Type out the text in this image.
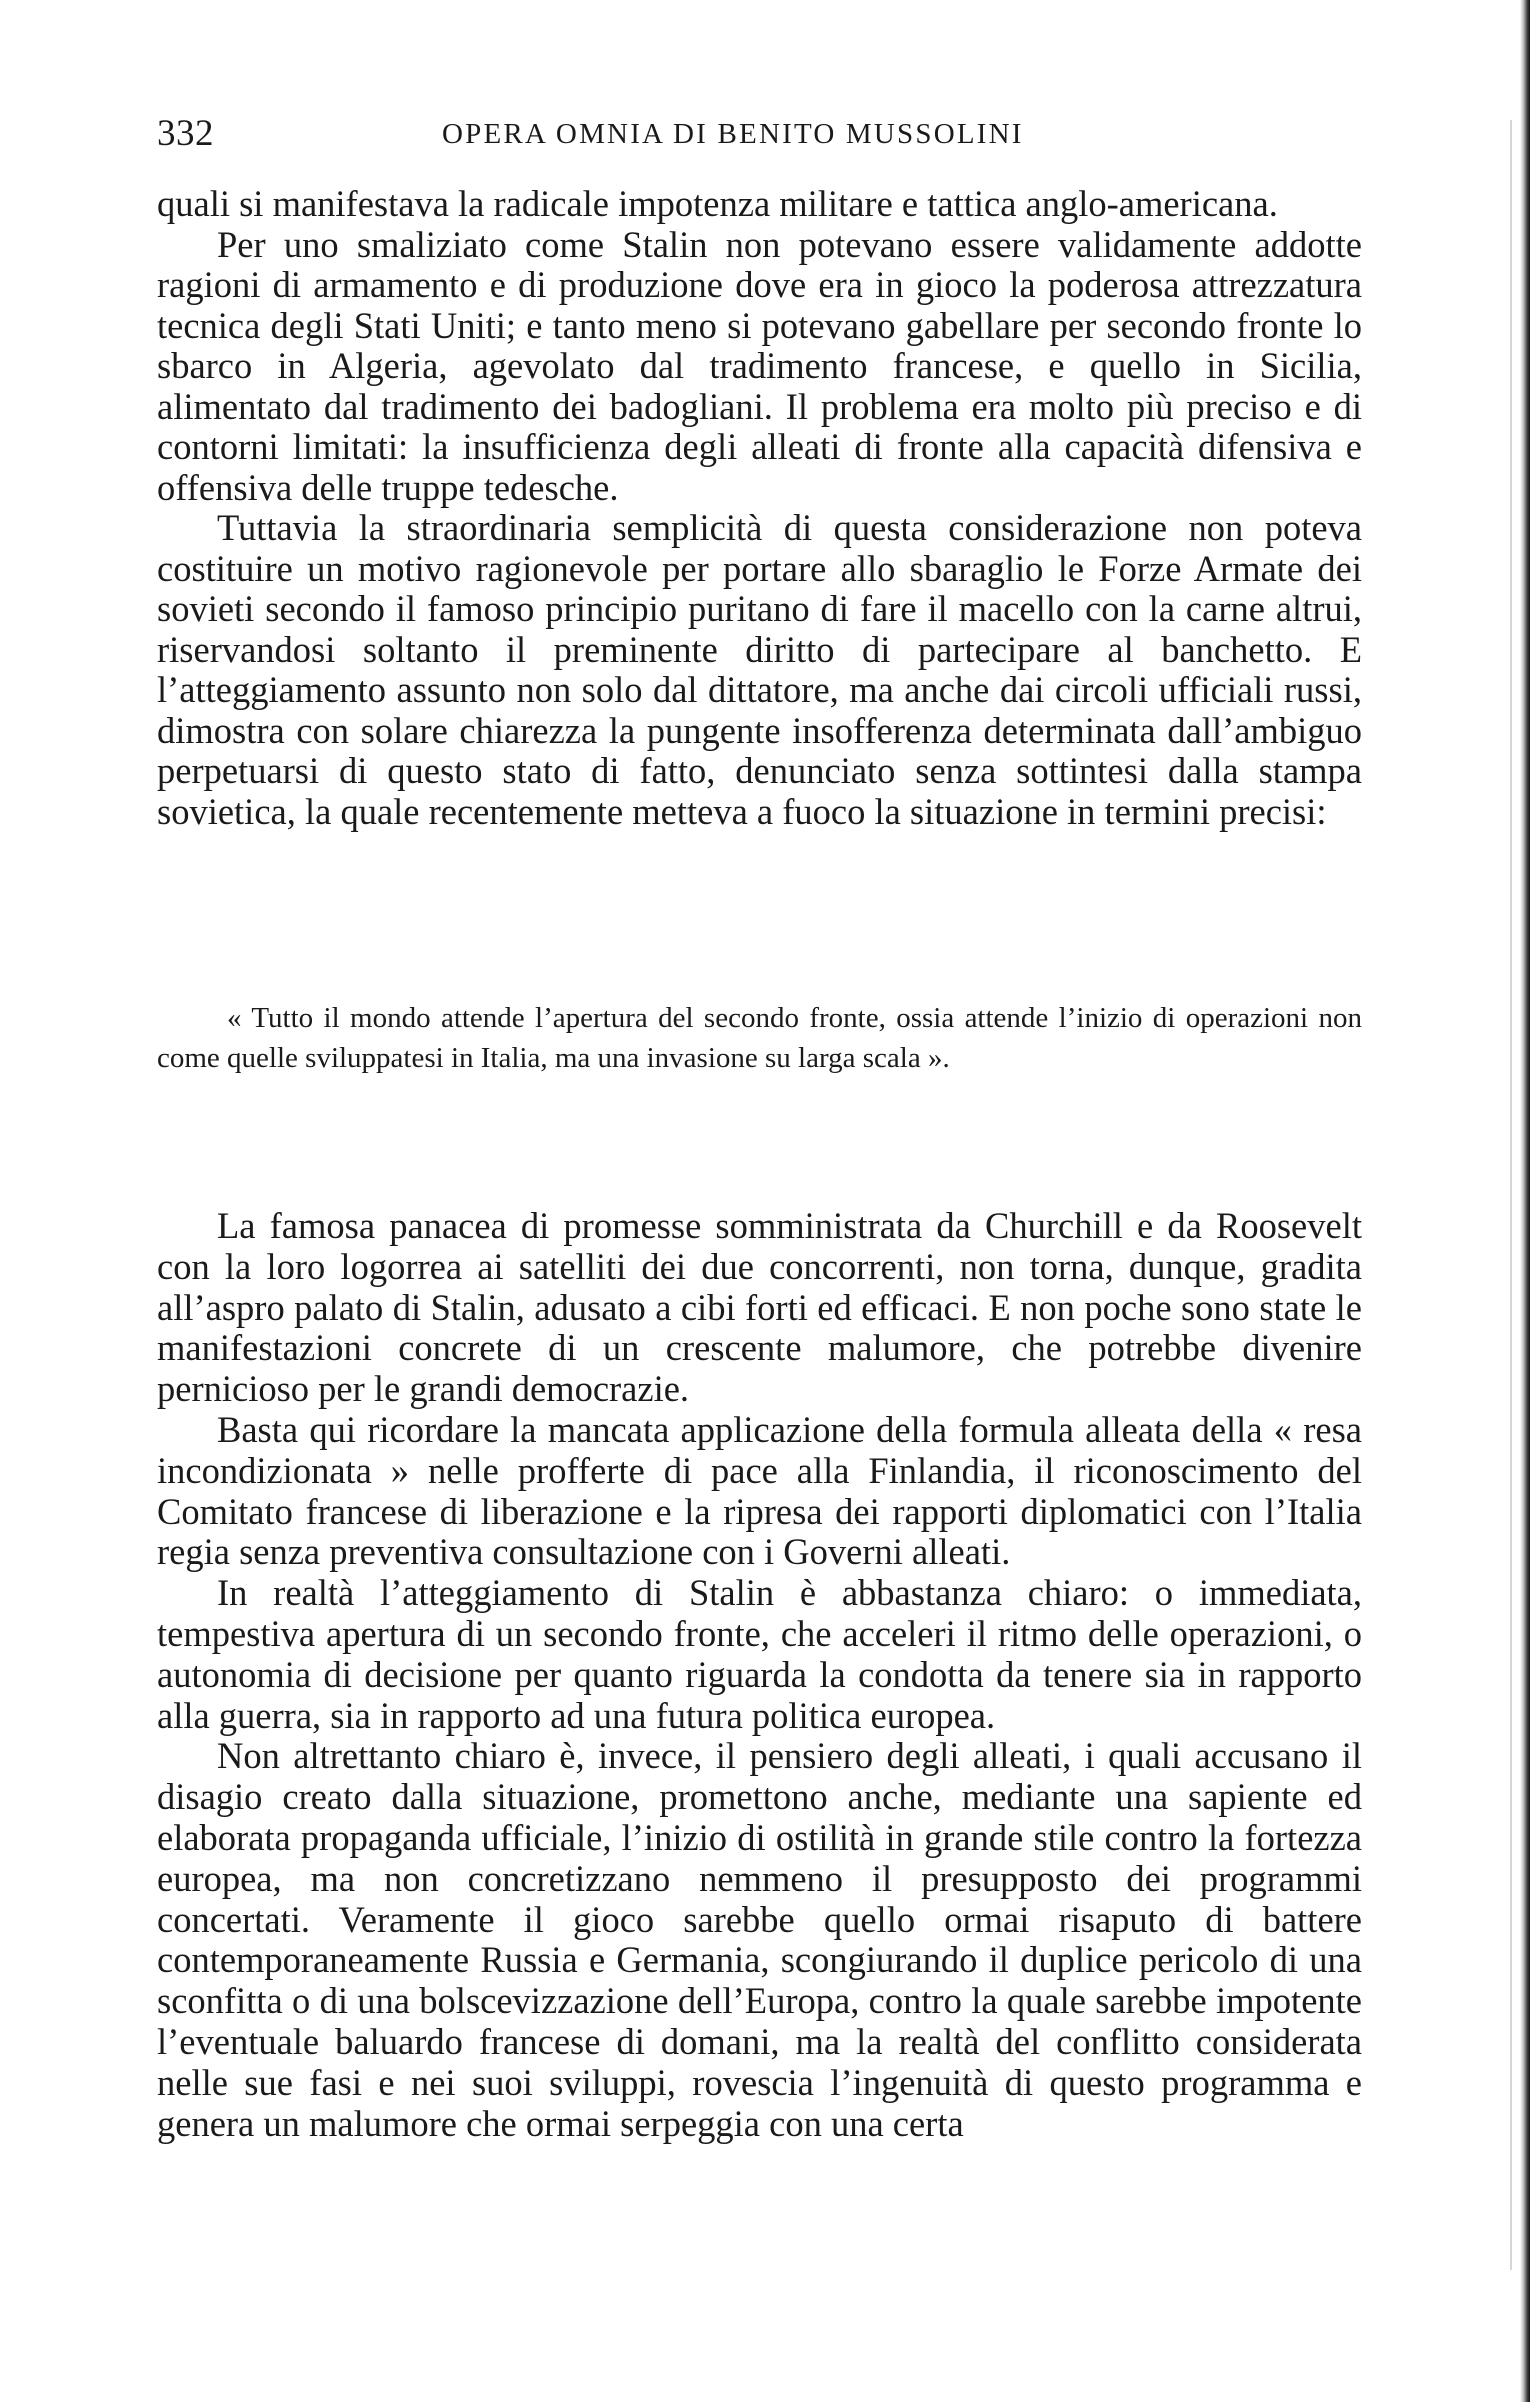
332	OPERA OMNIA DI BENITO MUSSOLINI

quali si manifestava la radicale impotenza militare e tattica anglo-americana.

Per uno smaliziato come Stalin non potevano essere validamente addotte ragioni di armamento e di produzione dove era in gioco la poderosa attrezzatura tecnica degli Stati Uniti; e tanto meno si potevano gabellare per secondo fronte lo sbarco in Algeria, agevolato dal tradimento francese, e quello in Sicilia, alimentato dal tradimento dei badogliani. Il problema era molto più preciso e di contorni limitati: la insufficienza degli alleati di fronte alla capacità difensiva e offensiva delle truppe tedesche.

Tuttavia la straordinaria semplicità di questa considerazione non poteva costituire un motivo ragionevole per portare allo sbaraglio le Forze Armate dei sovieti secondo il famoso principio puritano di fare il macello con la carne altrui, riservandosi soltanto il preminente diritto di partecipare al banchetto. E l’atteggiamento assunto non solo dal dittatore, ma anche dai circoli ufficiali russi, dimostra con solare chiarezza la pungente insofferenza determinata dall’ambiguo perpetuarsi di questo stato di fatto, denunciato senza sottintesi dalla stampa sovietica, la quale recentemente metteva a fuoco la situazione in termini precisi:

« Tutto il mondo attende l’apertura del secondo fronte, ossia attende l’inizio di operazioni non come quelle sviluppatesi in Italia, ma una invasione su larga scala ».

La famosa panacea di promesse somministrata da Churchill e da Roosevelt con la loro logorrea ai satelliti dei due concorrenti, non torna, dunque, gradita all’aspro palato di Stalin, adusato a cibi forti ed efficaci. E non poche sono state le manifestazioni concrete di un crescente malumore, che potrebbe divenire pernicioso per le grandi democrazie.

Basta qui ricordare la mancata applicazione della formula alleata della « resa incondizionata » nelle profferte di pace alla Finlandia, il riconoscimento del Comitato francese di liberazione e la ripresa dei rapporti diplomatici con l’Italia regia senza preventiva consultazione con i Governi alleati.

In realtà l’atteggiamento di Stalin è abbastanza chiaro: o immediata, tempestiva apertura di un secondo fronte, che acceleri il ritmo delle operazioni, o autonomia di decisione per quanto riguarda la condotta da tenere sia in rapporto alla guerra, sia in rapporto ad una futura politica europea.

Non altrettanto chiaro è, invece, il pensiero degli alleati, i quali accusano il disagio creato dalla situazione, promettono anche, mediante una sapiente ed elaborata propaganda ufficiale, l’inizio di ostilità in grande stile contro la fortezza europea, ma non concretizzano nemmeno il presupposto dei programmi concertati. Veramente il gioco sarebbe quello ormai risaputo di battere contemporaneamente Russia e Germania, scongiurando il duplice pericolo di una sconfitta o di una bolscevizzazione dell’Europa, contro la quale sarebbe impotente l’eventuale baluardo francese di domani, ma la realtà del conflitto considerata nelle sue fasi e nei suoi sviluppi, rovescia l’ingenuità di questo programma e genera un malumore che ormai serpeggia con una certa
